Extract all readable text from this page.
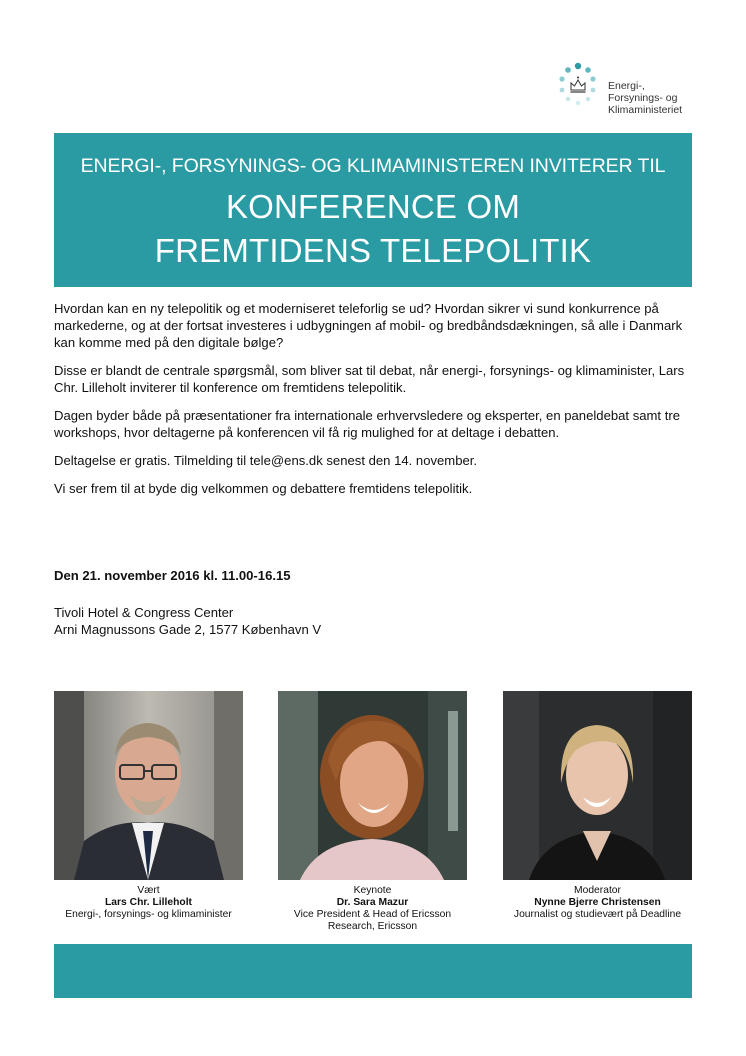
Energi-,
Forsynings- og
Klimaministeriet
ENERGI-, FORSYNINGS- OG KLIMAMINISTEREN INVITERER TIL
KONFERENCE OM
FREMTIDENS TELEPOLITIK

Hvordan kan en ny telepolitik og et moderniseret teleforlig se ud? Hvordan sikrer vi sund konkurrence på markederne, og at der fortsat investeres i udbygningen af mobil- og bredbåndsdækningen, så alle i Danmark kan komme med på den digitale bølge?

Disse er blandt de centrale spørgsmål, som bliver sat til debat, når energi-, forsynings- og klimaminister, Lars Chr. Lilleholt inviterer til konference om fremtidens telepolitik.

Dagen byder både på præsentationer fra internationale erhvervsledere og eksperter, en paneldebat samt tre workshops, hvor deltagerne på konferencen vil få rig mulighed for at deltage i debatten.

Deltagelse er gratis. Tilmelding til tele@ens.dk senest den 14. november.

Vi ser frem til at byde dig velkommen og debattere fremtidens telepolitik.

Den 21. november 2016 kl. 11.00-16.15
Tivoli Hotel & Congress Center
Arni Magnussons Gade 2, 1577 København V
Vært
Lars Chr. Lilleholt
Energi-, forsynings- og klimaminister
Keynote
Dr. Sara Mazur
Vice President & Head of Ericsson Research, Ericsson
Moderator
Nynne Bjerre Christensen
Journalist og studievært på Deadline
